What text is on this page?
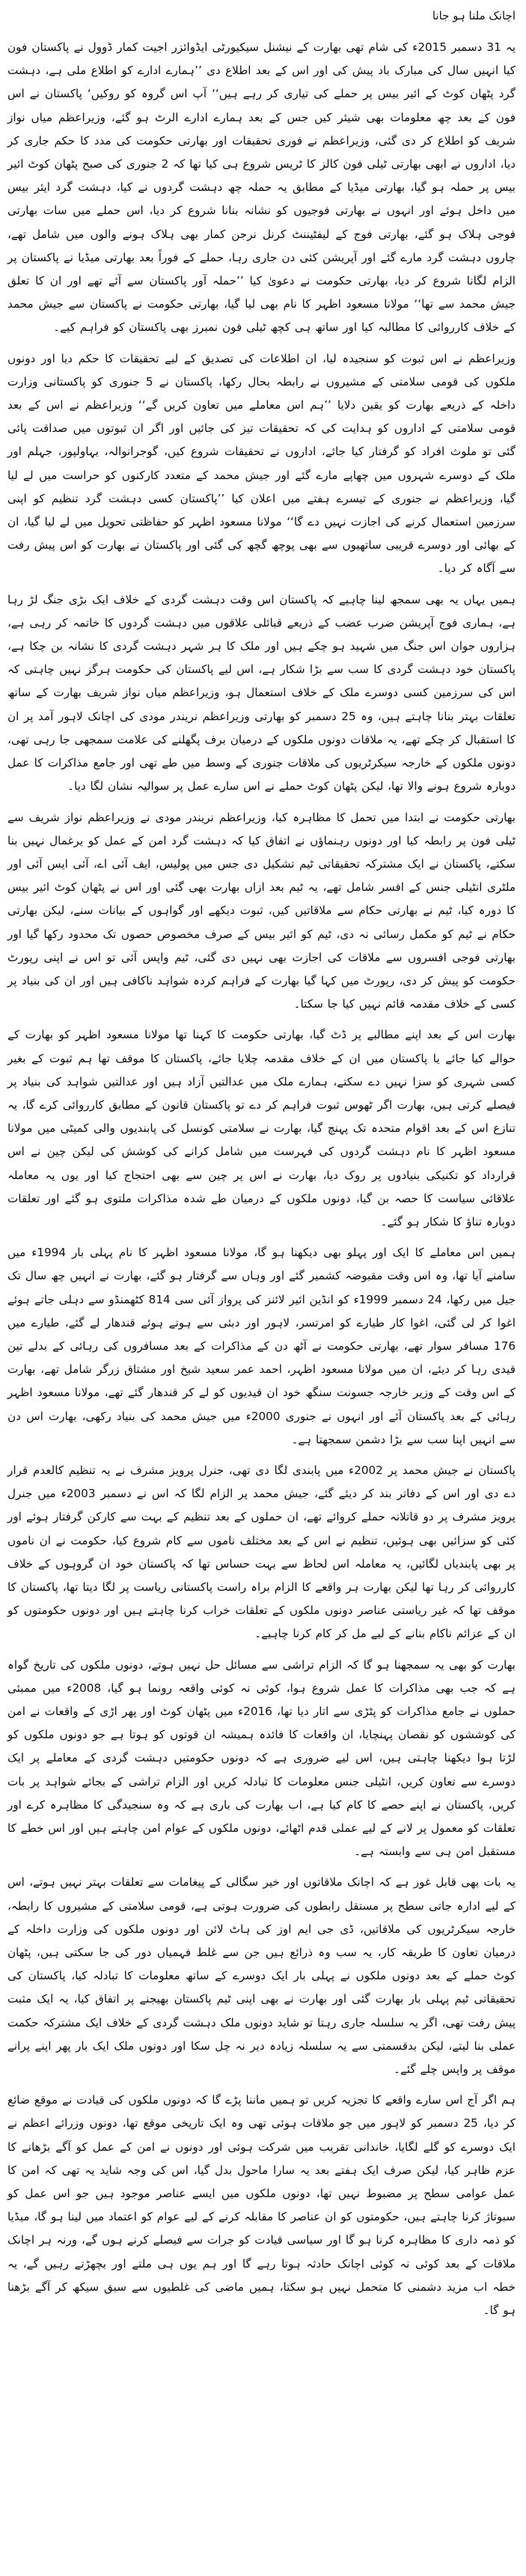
اچانک ملنا ہو جانا

یہ 31 دسمبر 2015ء کی شام تھی بھارت کے نیشنل سیکیورٹی ایڈوائزر اجیت کمار ڈوول نے پاکستان فون کیا انہیں سال کی مبارک باد پیش کی اور اس کے بعد اطلاع دی ’’ہمارے ادارے کو اطلاع ملی ہے، دہشت گرد پٹھان کوٹ کے ائیر بیس پر حملے کی تیاری کر رہے ہیں‘‘ آپ اس گروہ کو روکیں‘ پاکستان نے اس فون کے بعد چھ معلومات بھی شیئر کیں جس کے بعد ہمارے ادارے الرٹ ہو گئے، وزیراعظم میاں نواز شریف کو اطلاع کر دی گئی، وزیراعظم نے فوری تحقیقات اور بھارتی حکومت کی مدد کا حکم جاری کر دیا، اداروں نے ابھی بھارتی ٹیلی فون کالز کا ٹریس شروع ہی کیا تھا کہ 2 جنوری کی صبح پٹھان کوٹ ائیر بیس پر حملہ ہو گیا، بھارتی میڈیا کے مطابق یہ حملہ چھ دہشت گردوں نے کیا، دہشت گرد ایئر بیس میں داخل ہوئے اور انہوں نے بھارتی فوجیوں کو نشانہ بنانا شروع کر دیا، اس حملے میں سات بھارتی فوجی ہلاک ہو گئے، بھارتی فوج کے لیفٹیننٹ کرنل نرجن کمار بھی ہلاک ہونے والوں میں شامل تھے، چاروں دہشت گرد مارے گئے اور آپریشن کئی دن جاری رہا، حملے کے فوراً بعد بھارتی میڈیا نے پاکستان پر الزام لگانا شروع کر دیا، بھارتی حکومت نے دعویٰ کیا ’’حملہ آور پاکستان سے آئے تھے اور ان کا تعلق جیش محمد سے تھا‘‘ مولانا مسعود اظہر کا نام بھی لیا گیا، بھارتی حکومت نے پاکستان سے جیش محمد کے خلاف کارروائی کا مطالبہ کیا اور ساتھ ہی کچھ ٹیلی فون نمبرز بھی پاکستان کو فراہم کیے۔

وزیراعظم نے اس ثبوت کو سنجیدہ لیا، ان اطلاعات کی تصدیق کے لیے تحقیقات کا حکم دیا اور دونوں ملکوں کی قومی سلامتی کے مشیروں نے رابطہ بحال رکھا، پاکستان نے 5 جنوری کو پاکستانی وزارت داخلہ کے ذریعے بھارت کو یقین دلایا ’’ہم اس معاملے میں تعاون کریں گے‘‘ وزیراعظم نے اس کے بعد قومی سلامتی کے اداروں کو ہدایت کی کہ تحقیقات تیز کی جائیں اور اگر ان ثبوتوں میں صداقت پائی گئی تو ملوث افراد کو گرفتار کیا جائے، اداروں نے تحقیقات شروع کیں، گوجرانوالہ، بہاولپور، جہلم اور ملک کے دوسرے شہروں میں چھاپے مارے گئے اور جیش محمد کے متعدد کارکنوں کو حراست میں لے لیا گیا، وزیراعظم نے جنوری کے تیسرے ہفتے میں اعلان کیا ’’پاکستان کسی دہشت گرد تنظیم کو اپنی سرزمین استعمال کرنے کی اجازت نہیں دے گا‘‘ مولانا مسعود اظہر کو حفاظتی تحویل میں لے لیا گیا، ان کے بھائی اور دوسرے قریبی ساتھیوں سے بھی پوچھ گچھ کی گئی اور پاکستان نے بھارت کو اس پیش رفت سے آگاہ کر دیا۔

ہمیں یہاں یہ بھی سمجھ لینا چاہیے کہ پاکستان اس وقت دہشت گردی کے خلاف ایک بڑی جنگ لڑ رہا ہے، ہماری فوج آپریشن ضرب عضب کے ذریعے قبائلی علاقوں میں دہشت گردوں کا خاتمہ کر رہی ہے، ہزاروں جوان اس جنگ میں شہید ہو چکے ہیں اور ملک کا ہر شہر دہشت گردی کا نشانہ بن چکا ہے، پاکستان خود دہشت گردی کا سب سے بڑا شکار ہے، اس لیے پاکستان کی حکومت ہرگز نہیں چاہتی کہ اس کی سرزمین کسی دوسرے ملک کے خلاف استعمال ہو، وزیراعظم میاں نواز شریف بھارت کے ساتھ تعلقات بہتر بنانا چاہتے ہیں، وہ 25 دسمبر کو بھارتی وزیراعظم نریندر مودی کی اچانک لاہور آمد پر ان کا استقبال کر چکے تھے، یہ ملاقات دونوں ملکوں کے درمیان برف پگھلنے کی علامت سمجھی جا رہی تھی، دونوں ملکوں کے خارجہ سیکرٹریوں کی ملاقات جنوری کے وسط میں طے تھی اور جامع مذاکرات کا عمل دوبارہ شروع ہونے والا تھا، لیکن پٹھان کوٹ حملے نے اس سارے عمل پر سوالیہ نشان لگا دیا۔

بھارتی حکومت نے ابتدا میں تحمل کا مظاہرہ کیا، وزیراعظم نریندر مودی نے وزیراعظم نواز شریف سے ٹیلی فون پر رابطہ کیا اور دونوں رہنماؤں نے اتفاق کیا کہ دہشت گرد امن کے عمل کو یرغمال نہیں بنا سکتے، پاکستان نے ایک مشترکہ تحقیقاتی ٹیم تشکیل دی جس میں پولیس، ایف آئی اے، آئی ایس آئی اور ملٹری انٹیلی جنس کے افسر شامل تھے، یہ ٹیم بعد ازاں بھارت بھی گئی اور اس نے پٹھان کوٹ ائیر بیس کا دورہ کیا، ٹیم نے بھارتی حکام سے ملاقاتیں کیں، ثبوت دیکھے اور گواہوں کے بیانات سنے، لیکن بھارتی حکام نے ٹیم کو مکمل رسائی نہ دی، ٹیم کو ائیر بیس کے صرف مخصوص حصوں تک محدود رکھا گیا اور بھارتی فوجی افسروں سے ملاقات کی اجازت بھی نہیں دی گئی، ٹیم واپس آئی تو اس نے اپنی رپورٹ حکومت کو پیش کر دی، رپورٹ میں کہا گیا بھارت کے فراہم کردہ شواہد ناکافی ہیں اور ان کی بنیاد پر کسی کے خلاف مقدمہ قائم نہیں کیا جا سکتا۔

بھارت اس کے بعد اپنے مطالبے پر ڈٹ گیا، بھارتی حکومت کا کہنا تھا مولانا مسعود اظہر کو بھارت کے حوالے کیا جائے یا پاکستان میں ان کے خلاف مقدمہ چلایا جائے، پاکستان کا موقف تھا ہم ثبوت کے بغیر کسی شہری کو سزا نہیں دے سکتے، ہمارے ملک میں عدالتیں آزاد ہیں اور عدالتیں شواہد کی بنیاد پر فیصلے کرتی ہیں، بھارت اگر ٹھوس ثبوت فراہم کر دے تو پاکستان قانون کے مطابق کارروائی کرے گا، یہ تنازع اس کے بعد اقوام متحدہ تک پہنچ گیا، بھارت نے سلامتی کونسل کی پابندیوں والی کمیٹی میں مولانا مسعود اظہر کا نام دہشت گردوں کی فہرست میں شامل کرانے کی کوشش کی لیکن چین نے اس قرارداد کو تکنیکی بنیادوں پر روک دیا، بھارت نے اس پر چین سے بھی احتجاج کیا اور یوں یہ معاملہ علاقائی سیاست کا حصہ بن گیا، دونوں ملکوں کے درمیان طے شدہ مذاکرات ملتوی ہو گئے اور تعلقات دوبارہ تناؤ کا شکار ہو گئے۔

ہمیں اس معاملے کا ایک اور پہلو بھی دیکھنا ہو گا، مولانا مسعود اظہر کا نام پہلی بار 1994ء میں سامنے آیا تھا، وہ اس وقت مقبوضہ کشمیر گئے اور وہاں سے گرفتار ہو گئے، بھارت نے انہیں چھ سال تک جیل میں رکھا، 24 دسمبر 1999ء کو انڈین ائیر لائنز کی پرواز آئی سی 814 کٹھمنڈو سے دہلی جاتے ہوئے اغوا کر لی گئی، اغوا کار طیارے کو امرتسر، لاہور اور دبئی سے ہوتے ہوئے قندھار لے گئے، طیارے میں 176 مسافر سوار تھے، بھارتی حکومت نے آٹھ دن کے مذاکرات کے بعد مسافروں کی رہائی کے بدلے تین قیدی رہا کر دیئے، ان میں مولانا مسعود اظہر، احمد عمر سعید شیخ اور مشتاق زرگر شامل تھے، بھارت کے اس وقت کے وزیر خارجہ جسونت سنگھ خود ان قیدیوں کو لے کر قندھار گئے تھے، مولانا مسعود اظہر رہائی کے بعد پاکستان آئے اور انہوں نے جنوری 2000ء میں جیش محمد کی بنیاد رکھی، بھارت اس دن سے انہیں اپنا سب سے بڑا دشمن سمجھتا ہے۔

پاکستان نے جیش محمد پر 2002ء میں پابندی لگا دی تھی، جنرل پرویز مشرف نے یہ تنظیم کالعدم قرار دے دی اور اس کے دفاتر بند کر دیئے گئے، جیش محمد پر الزام لگا کہ اس نے دسمبر 2003ء میں جنرل پرویز مشرف پر دو قاتلانہ حملے کروائے تھے، ان حملوں کے بعد تنظیم کے بہت سے کارکن گرفتار ہوئے اور کئی کو سزائیں بھی ہوئیں، تنظیم نے اس کے بعد مختلف ناموں سے کام شروع کیا، حکومت نے ان ناموں پر بھی پابندیاں لگائیں، یہ معاملہ اس لحاظ سے بہت حساس تھا کہ پاکستان خود ان گروہوں کے خلاف کارروائی کر رہا تھا لیکن بھارت ہر واقعے کا الزام براہ راست پاکستانی ریاست پر لگا دیتا تھا، پاکستان کا موقف تھا کہ غیر ریاستی عناصر دونوں ملکوں کے تعلقات خراب کرنا چاہتے ہیں اور دونوں حکومتوں کو ان کے عزائم ناکام بنانے کے لیے مل کر کام کرنا چاہیے۔

بھارت کو بھی یہ سمجھنا ہو گا کہ الزام تراشی سے مسائل حل نہیں ہوتے، دونوں ملکوں کی تاریخ گواہ ہے کہ جب بھی مذاکرات کا عمل شروع ہوا، کوئی نہ کوئی واقعہ رونما ہو گیا، 2008ء میں ممبئی حملوں نے جامع مذاکرات کو پٹڑی سے اتار دیا تھا، 2016ء میں پٹھان کوٹ اور پھر اڑی کے واقعات نے امن کی کوششوں کو نقصان پہنچایا، ان واقعات کا فائدہ ہمیشہ ان قوتوں کو ہوتا ہے جو دونوں ملکوں کو لڑتا ہوا دیکھنا چاہتی ہیں، اس لیے ضروری ہے کہ دونوں حکومتیں دہشت گردی کے معاملے پر ایک دوسرے سے تعاون کریں، انٹیلی جنس معلومات کا تبادلہ کریں اور الزام تراشی کے بجائے شواہد پر بات کریں، پاکستان نے اپنے حصے کا کام کیا ہے، اب بھارت کی باری ہے کہ وہ سنجیدگی کا مظاہرہ کرے اور تعلقات کو معمول پر لانے کے لیے عملی قدم اٹھائے، دونوں ملکوں کے عوام امن چاہتے ہیں اور اس خطے کا مستقبل امن ہی سے وابستہ ہے۔

یہ بات بھی قابل غور ہے کہ اچانک ملاقاتوں اور خیر سگالی کے پیغامات سے تعلقات بہتر نہیں ہوتے، اس کے لیے ادارہ جاتی سطح پر مستقل رابطوں کی ضرورت ہوتی ہے، قومی سلامتی کے مشیروں کا رابطہ، خارجہ سیکرٹریوں کی ملاقاتیں، ڈی جی ایم اوز کی ہاٹ لائن اور دونوں ملکوں کی وزارت داخلہ کے درمیان تعاون کا طریقہ کار، یہ سب وہ ذرائع ہیں جن سے غلط فہمیاں دور کی جا سکتی ہیں، پٹھان کوٹ حملے کے بعد دونوں ملکوں نے پہلی بار ایک دوسرے کے ساتھ معلومات کا تبادلہ کیا، پاکستان کی تحقیقاتی ٹیم پہلی بار بھارت گئی اور بھارت نے بھی اپنی ٹیم پاکستان بھیجنے پر اتفاق کیا، یہ ایک مثبت پیش رفت تھی، اگر یہ سلسلہ جاری رہتا تو شاید دونوں ملک دہشت گردی کے خلاف ایک مشترکہ حکمت عملی بنا لیتے، لیکن بدقسمتی سے یہ سلسلہ زیادہ دیر نہ چل سکا اور دونوں ملک ایک بار پھر اپنے پرانے موقف پر واپس چلے گئے۔

ہم اگر آج اس سارے واقعے کا تجزیہ کریں تو ہمیں ماننا پڑے گا کہ دونوں ملکوں کی قیادت نے موقع ضائع کر دیا، 25 دسمبر کو لاہور میں جو ملاقات ہوئی تھی وہ ایک تاریخی موقع تھا، دونوں وزرائے اعظم نے ایک دوسرے کو گلے لگایا، خاندانی تقریب میں شرکت ہوئی اور دونوں نے امن کے عمل کو آگے بڑھانے کا عزم ظاہر کیا، لیکن صرف ایک ہفتے بعد یہ سارا ماحول بدل گیا، اس کی وجہ شاید یہ تھی کہ امن کا عمل عوامی سطح پر مضبوط نہیں تھا، دونوں ملکوں میں ایسے عناصر موجود ہیں جو اس عمل کو سبوتاژ کرنا چاہتے ہیں، حکومتوں کو ان عناصر کا مقابلہ کرنے کے لیے عوام کو اعتماد میں لینا ہو گا، میڈیا کو ذمہ داری کا مظاہرہ کرنا ہو گا اور سیاسی قیادت کو جرات سے فیصلے کرنے ہوں گے، ورنہ ہر اچانک ملاقات کے بعد کوئی نہ کوئی اچانک حادثہ ہوتا رہے گا اور ہم یوں ہی ملتے اور بچھڑتے رہیں گے، یہ خطہ اب مزید دشمنی کا متحمل نہیں ہو سکتا، ہمیں ماضی کی غلطیوں سے سبق سیکھ کر آگے بڑھنا ہو گا۔
